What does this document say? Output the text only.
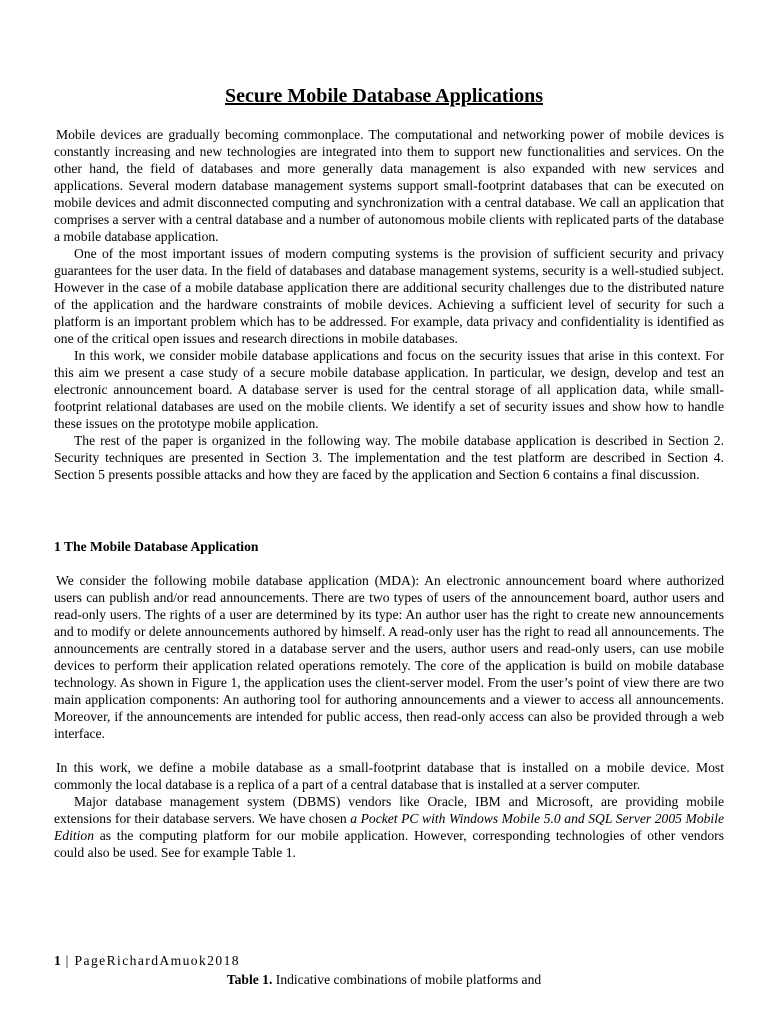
Secure Mobile Database Applications

Mobile devices are gradually becoming commonplace. The computational and networking power of mobile devices is constantly increasing and new technologies are integrated into them to support new functionalities and services. On the other hand, the field of databases and more generally data management is also expanded with new services and applications. Several modern database management systems support small-footprint databases that can be executed on mobile devices and admit disconnected computing and synchronization with a central database. We call an application that comprises a server with a central database and a number of autonomous mobile clients with replicated parts of the database a mobile database application.

One of the most important issues of modern computing systems is the provision of sufficient security and privacy guarantees for the user data. In the field of databases and database management systems, security is a well-studied subject. However in the case of a mobile database application there are additional security challenges due to the distributed nature of the application and the hardware constraints of mobile devices. Achieving a sufficient level of security for such a platform is an important problem which has to be addressed. For example, data privacy and confidentiality is identified as one of the critical open issues and research directions in mobile databases.

In this work, we consider mobile database applications and focus on the security issues that arise in this context. For this aim we present a case study of a secure mobile database application. In particular, we design, develop and test an electronic announcement board. A database server is used for the central storage of all application data, while small-footprint relational databases are used on the mobile clients. We identify a set of security issues and show how to handle these issues on the prototype mobile application.

The rest of the paper is organized in the following way. The mobile database application is described in Section 2. Security techniques are presented in Section 3. The implementation and the test platform are described in Section 4. Section 5 presents possible attacks and how they are faced by the application and Section 6 contains a final discussion.

1 The Mobile Database Application

We consider the following mobile database application (MDA): An electronic announcement board where authorized users can publish and/or read announcements. There are two types of users of the announcement board, author users and read-only users. The rights of a user are determined by its type: An author user has the right to create new announcements and to modify or delete announcements authored by himself. A read-only user has the right to read all announcements. The announcements are centrally stored in a database server and the users, author users and read-only users, can use mobile devices to perform their application related operations remotely. The core of the application is build on mobile database technology. As shown in Figure 1, the application uses the client-server model. From the user’s point of view there are two main application components: An authoring tool for authoring announcements and a viewer to access all announcements. Moreover, if the announcements are intended for public access, then read-only access can also be provided through a web interface.

In this work, we define a mobile database as a small-footprint database that is installed on a mobile device. Most commonly the local database is a replica of a part of a central database that is installed at a server computer.

Major database management system (DBMS) vendors like Oracle, IBM and Microsoft, are providing mobile extensions for their database servers. We have chosen a Pocket PC with Windows Mobile 5.0 and SQL Server 2005 Mobile Edition as the computing platform for our mobile application. However, corresponding technologies of other vendors could also be used. See for example Table 1.

1 | PageRichardAmuok2018
Table 1. Indicative combinations of mobile platforms and
